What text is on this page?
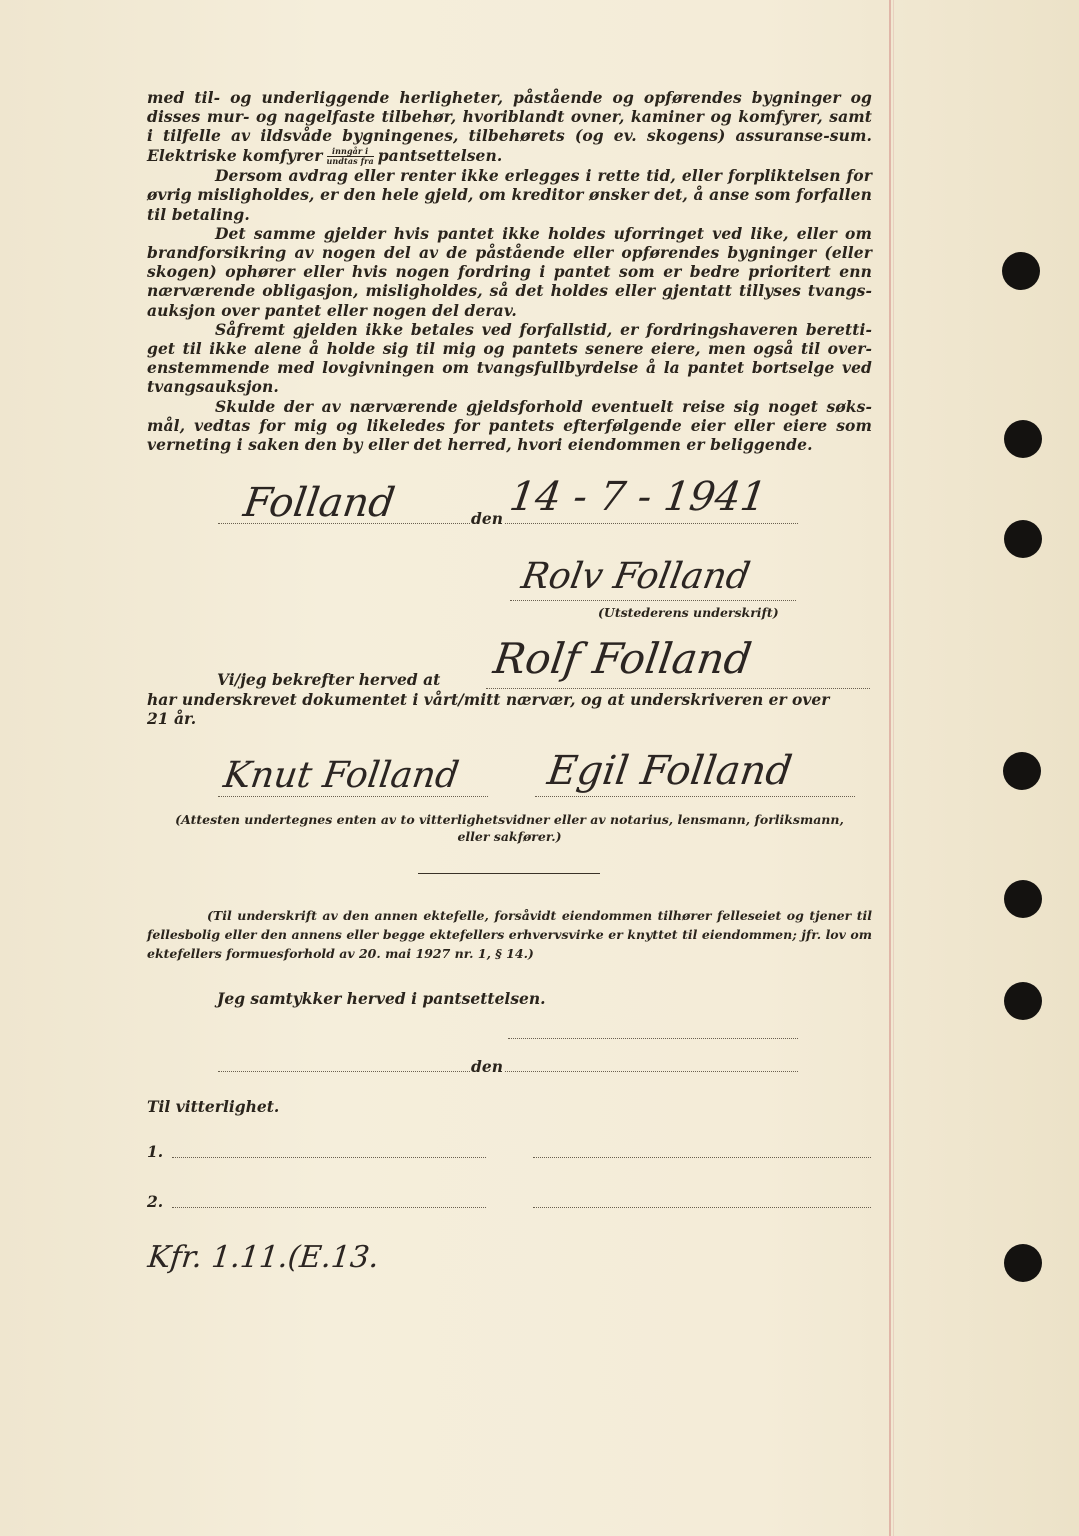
med til- og underliggende herligheter, påstående og opførendes bygninger og disses mur- og nagelfaste tilbehør, hvoriblandt ovner, kaminer og komfyrer, samt i tilfelle av ildsvåde bygningenes, tilbehørets (og ev. skogens) assuranse-sum. Elektriske komfyrer $\frac{\text{inngår i}}{\text{undtas fra}}$ pantsettelsen.

Dersom avdrag eller renter ikke erlegges i rette tid, eller forpliktelsen for øvrig misligholdes, er den hele gjeld, om kreditor ønsker det, å anse som forfallen til betaling.

Det samme gjelder hvis pantet ikke holdes uforringet ved like, eller om brandforsikring av nogen del av de påstående eller opførendes bygninger (eller skogen) ophører eller hvis nogen fordring i pantet som er bedre prioritert enn nærværende obligasjon, misligholdes, så det holdes eller gjentatt tillyses tvangs-auksjon over pantet eller nogen del derav.

Såfremt gjelden ikke betales ved forfallstid, er fordringshaveren beretti-get til ikke alene å holde sig til mig og pantets senere eiere, men også til over-enstemmende med lovgivningen om tvangsfullbyrdelse å la pantet bortselge ved tvangsauksjon.

Skulde der av nærværende gjeldsforhold eventuelt reise sig noget søks-mål, vedtas for mig og likeledes for pantets efterfølgende eier eller eiere som verneting i saken den by eller det herred, hvori eiendommen er beliggende.

Folland	den 14 - 7 - 1941
Rolv Folland
(Utstederens underskrift)
Vi/jeg bekrefter herved at Rolf Folland
har underskrevet dokumentet i vårt/mitt nærvær, og at underskriveren er over
21 år.
Knut Folland Egil Folland
(Attesten undertegnes enten av to vitterlighetsvidner eller av notarius, lensmann, forliksmann,
eller sakfører.)
(Til underskrift av den annen ektefelle, forsåvidt eiendommen tilhører felleseiet og tjener til fellesbolig eller den annens eller begge ektefellers erhvervsvirke er knyttet til eiendommen; jfr. lov om ektefellers formuesforhold av 20. mai 1927 nr. 1, § 14.)
Jeg samtykker herved i pantsettelsen.
den
Til vitterlighet.
1.
2.
Kfr. 1.11.(E.13.
